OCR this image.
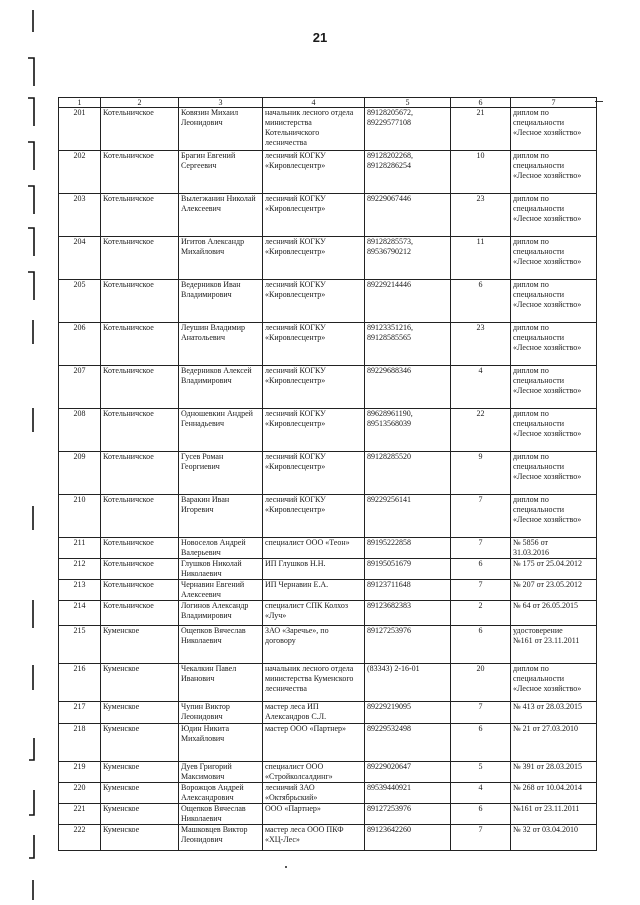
21
1	2	3	4	5	6	7
201	Котельничское	Ковязин Михаил
Леонидович	начальник лесного отдела
министерства
Котельничского
лесничества	89128205672,
89229577108	21	диплом по
специальности
«Лесное хозяйство»
202	Котельничское	Брагин Евгений
Сергеевич	лесничий КОГКУ
«Кировлесцентр»	89128202268,
89128286254	10	диплом по
специальности
«Лесное хозяйство»
203	Котельничское	Вылегжанин Николай
Алексеевич	лесничий КОГКУ
«Кировлесцентр»	89229067446	23	диплом по
специальности
«Лесное хозяйство»
204	Котельничское	Игитов Александр
Михайлович	лесничий КОГКУ
«Кировлесцентр»	89128285573,
89536790212	11	диплом по
специальности
«Лесное хозяйство»
205	Котельничское	Ведерников Иван
Владимирович	лесничий КОГКУ
«Кировлесцентр»	89229214446	6	диплом по
специальности
«Лесное хозяйство»
206	Котельничское	Леушин Владимир
Анатольевич	лесничий КОГКУ
«Кировлесцентр»	89123351216,
89128585565	23	диплом по
специальности
«Лесное хозяйство»
207	Котельничское	Ведерников Алексей
Владимирович	лесничий КОГКУ
«Кировлесцентр»	89229688346	4	диплом по
специальности
«Лесное хозяйство»
208	Котельничское	Одношевкин Андрей
Геннадьевич	лесничий КОГКУ
«Кировлесцентр»	89628961190,
89513568039	22	диплом по
специальности
«Лесное хозяйство»
209	Котельничское	Гусев Роман
Георгиевич	лесничий КОГКУ
«Кировлесцентр»	89128285520	9	диплом по
специальности
«Лесное хозяйство»
210	Котельничское	Варакин Иван
Игоревич	лесничий КОГКУ
«Кировлесцентр»	89229256141	7	диплом по
специальности
«Лесное хозяйство»
211	Котельничское	Новоселов Андрей
Валерьевич	специалист ООО «Теон»	89195222858	7	№ 5856 от
31.03.2016
212	Котельничское	Глушков Николай
Николаевич	ИП Глушков Н.Н.	89195051679	6	№ 175 от 25.04.2012
213	Котельничское	Чернавин Евгений
Алексеевич	ИП Чернавин Е.А.	89123711648	7	№ 207 от 23.05.2012
214	Котельничское	Логинов Александр
Владимирович	специалист СПК Колхоз
«Луч»	89123682383	2	№ 64 от 26.05.2015
215	Куменское	Ощепков Вячеслав
Николаевич	ЗАО «Заречье», по
договору	89127253976	6	удостоверение
№161 от 23.11.2011
216	Куменское	Чекалкин Павел
Иванович	начальник лесного отдела
министерства Куменского
лесничества	(83343) 2-16-01	20	диплом по
специальности
«Лесное хозяйство»
217	Куменское	Чупин Виктор
Леонидович	мастер леса ИП
Александров С.Л.	89229219095	7	№ 413 от 28.03.2015
218	Куменское	Юдин Никита
Михайлович	мастер ООО «Партнер»	89229532498	6	№ 21 от 27.03.2010
219	Куменское	Дуев Григорий
Максимович	специалист ООО
«Стройколсалдинг»	89229020647	5	№ 391 от 28.03.2015
220	Куменское	Ворожцов Андрей
Александрович	лесничий ЗАО
«Октябрьский»	89539440921	4	№ 268 от 10.04.2014
221	Куменское	Ощепков Вячеслав
Николаевич	ООО «Партнер»	89127253976	6	№161 от 23.11.2011
222	Куменское	Машковцев Виктор
Леонидович	мастер леса ООО ПКФ
«ХЦ-Лес»	89123642260	7	№ 32 от 03.04.2010
